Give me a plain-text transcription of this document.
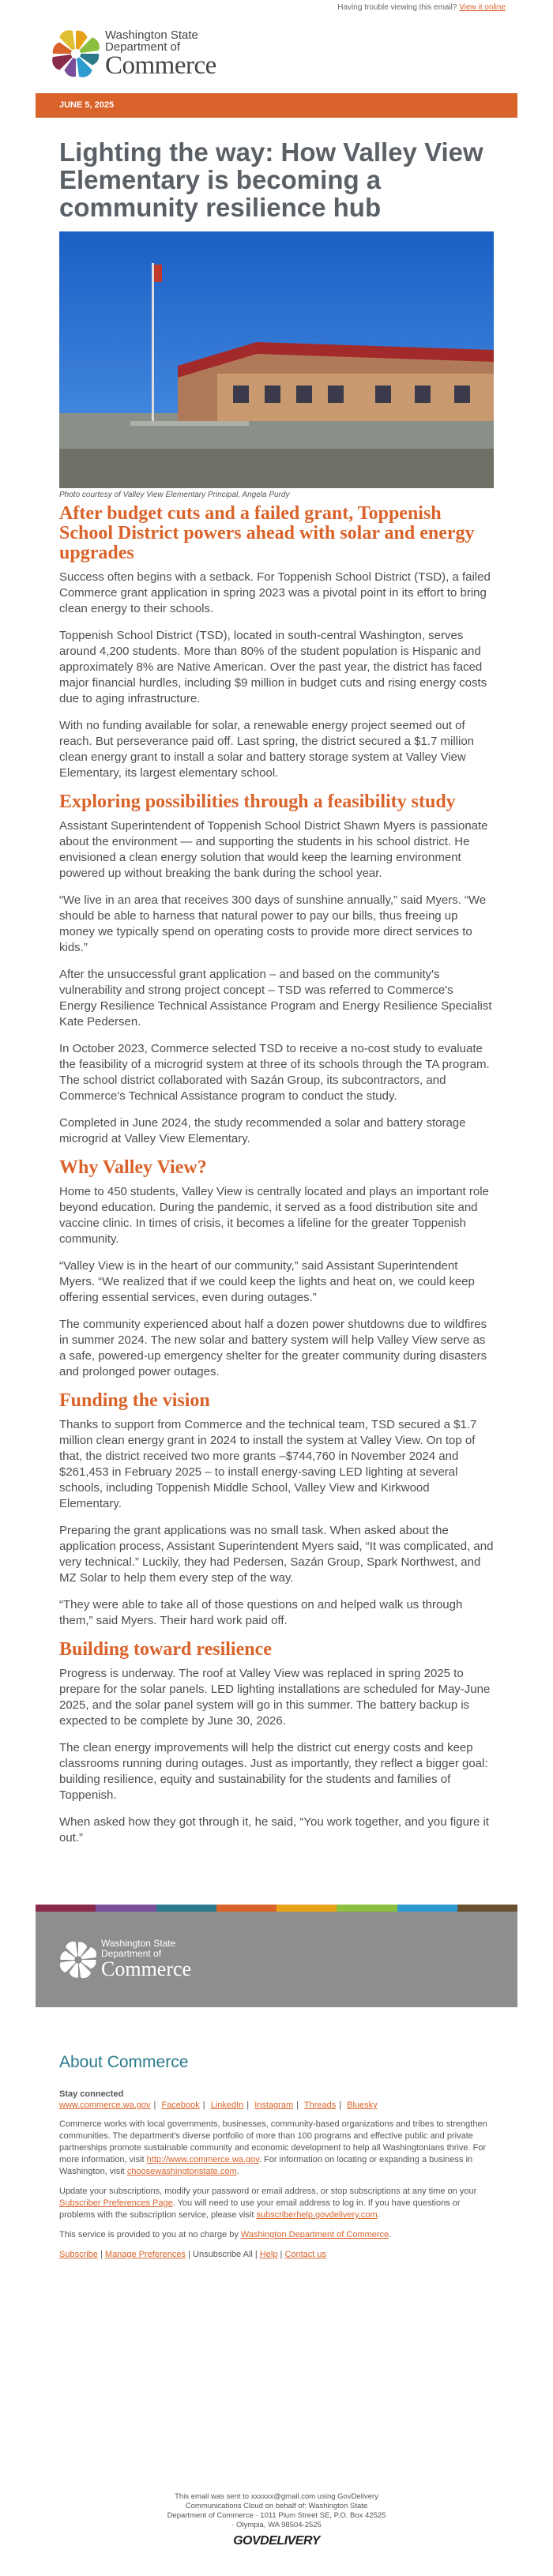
Having trouble viewing this email? View it online
Washington State
Department of
Commerce
JUNE 5, 2025
Lighting the way: How Valley View Elementary is becoming a community resilience hub
Photo courtesy of Valley View Elementary Principal, Angela Purdy
After budget cuts and a failed grant, Toppenish School District powers ahead with solar and energy upgrades

Success often begins with a setback. For Toppenish School District (TSD), a failed Commerce grant application in spring 2023 was a pivotal point in its effort to bring clean energy to their schools.

Toppenish School District (TSD), located in south-central Washington, serves around 4,200 students. More than 80% of the student population is Hispanic and approximately 8% are Native American. Over the past year, the district has faced major financial hurdles, including $9 million in budget cuts and rising energy costs due to aging infrastructure.

With no funding available for solar, a renewable energy project seemed out of reach. But perseverance paid off. Last spring, the district secured a $1.7 million clean energy grant to install a solar and battery storage system at Valley View Elementary, its largest elementary school.

Exploring possibilities through a feasibility study

Assistant Superintendent of Toppenish School District Shawn Myers is passionate about the environment — and supporting the students in his school district. He envisioned a clean energy solution that would keep the learning environment powered up without breaking the bank during the school year.

“We live in an area that receives 300 days of sunshine annually,” said Myers. “We should be able to harness that natural power to pay our bills, thus freeing up money we typically spend on operating costs to provide more direct services to kids.”

After the unsuccessful grant application – and based on the community's vulnerability and strong project concept – TSD was referred to Commerce's Energy Resilience Technical Assistance Program and Energy Resilience Specialist Kate Pedersen.

In October 2023, Commerce selected TSD to receive a no-cost study to evaluate the feasibility of a microgrid system at three of its schools through the TA program. The school district collaborated with Sazán Group, its subcontractors, and Commerce's Technical Assistance program to conduct the study.

Completed in June 2024, the study recommended a solar and battery storage microgrid at Valley View Elementary.

Why Valley View?

Home to 450 students, Valley View is centrally located and plays an important role beyond education. During the pandemic, it served as a food distribution site and vaccine clinic. In times of crisis, it becomes a lifeline for the greater Toppenish community.

“Valley View is in the heart of our community,” said Assistant Superintendent Myers. “We realized that if we could keep the lights and heat on, we could keep offering essential services, even during outages.”

The community experienced about half a dozen power shutdowns due to wildfires in summer 2024. The new solar and battery system will help Valley View serve as a safe, powered-up emergency shelter for the greater community during disasters and prolonged power outages.

Funding the vision

Thanks to support from Commerce and the technical team, TSD secured a $1.7 million clean energy grant in 2024 to install the system at Valley View. On top of that, the district received two more grants –$744,760 in November 2024 and $261,453 in February 2025 – to install energy-saving LED lighting at several schools, including Toppenish Middle School, Valley View and Kirkwood Elementary.

Preparing the grant applications was no small task. When asked about the application process, Assistant Superintendent Myers said, “It was complicated, and very technical.” Luckily, they had Pedersen, Sazán Group, Spark Northwest, and MZ Solar to help them every step of the way.

“They were able to take all of those questions on and helped walk us through them,” said Myers. Their hard work paid off.

Building toward resilience

Progress is underway. The roof at Valley View was replaced in spring 2025 to prepare for the solar panels. LED lighting installations are scheduled for May-June 2025, and the solar panel system will go in this summer. The battery backup is expected to be complete by June 30, 2026.

The clean energy improvements will help the district cut energy costs and keep classrooms running during outages. Just as importantly, they reflect a bigger goal: building resilience, equity and sustainability for the students and families of Toppenish.

When asked how they got through it, he said, “You work together, and you figure it out.”

Washington State
Department of
Commerce
About Commerce
Stay connected
www.commerce.wa.gov | Facebook | LinkedIn | Instagram | Threads | Bluesky
Commerce works with local governments, businesses, community-based organizations and tribes to strengthen communities. The department's diverse portfolio of more than 100 programs and effective public and private partnerships promote sustainable community and economic development to help all Washingtonians thrive. For more information, visit http://www.commerce.wa.gov. For information on locating or expanding a business in Washington, visit choosewashingtonstate.com.
Update your subscriptions, modify your password or email address, or stop subscriptions at any time on your Subscriber Preferences Page. You will need to use your email address to log in. If you have questions or problems with the subscription service, please visit subscriberhelp.govdelivery.com.
This service is provided to you at no charge by Washington Department of Commerce.
Subscribe | Manage Preferences | Unsubscribe All | Help | Contact us
This email was sent to xxxxxx@gmail.com using GovDelivery Communications Cloud on behalf of: Washington State Department of Commerce · 1011 Plum Street SE, P.O. Box 42525 · Olympia, WA 98504-2525
GOVDELIVERY
